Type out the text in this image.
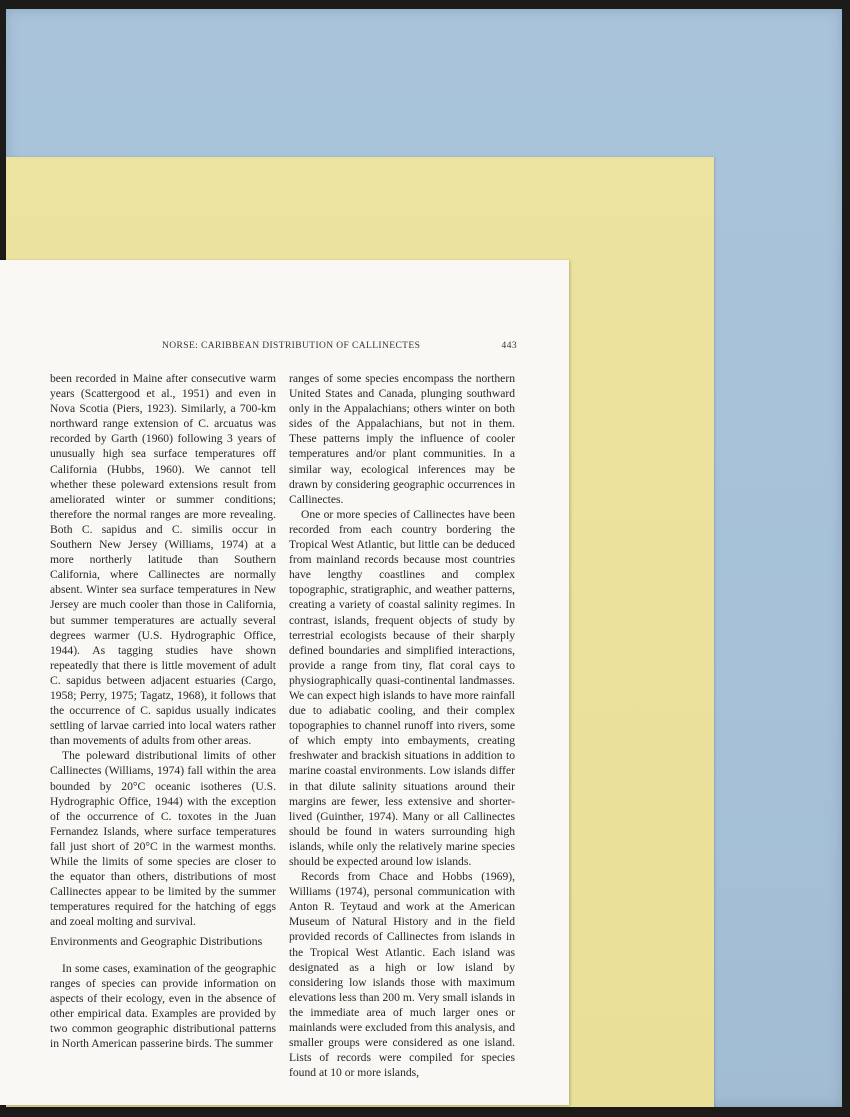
NORSE: CARIBBEAN DISTRIBUTION OF CALLINECTES	443

been recorded in Maine after consecutive warm years (Scattergood et al., 1951) and even in Nova Scotia (Piers, 1923). Similarly, a 700-km northward range extension of C. arcuatus was recorded by Garth (1960) following 3 years of unusually high sea surface temperatures off California (Hubbs, 1960). We cannot tell whether these poleward extensions result from ameliorated winter or summer conditions; therefore the normal ranges are more revealing. Both C. sapidus and C. similis occur in Southern New Jersey (Williams, 1974) at a more northerly latitude than Southern California, where Callinectes are normally absent. Winter sea surface temperatures in New Jersey are much cooler than those in California, but summer temperatures are actually several degrees warmer (U.S. Hydrographic Office, 1944). As tagging studies have shown repeatedly that there is little movement of adult C. sapidus between adjacent estuaries (Cargo, 1958; Perry, 1975; Tagatz, 1968), it follows that the occurrence of C. sapidus usually indicates settling of larvae carried into local waters rather than movements of adults from other areas.

The poleward distributional limits of other Callinectes (Williams, 1974) fall within the area bounded by 20°C oceanic isotheres (U.S. Hydrographic Office, 1944) with the exception of the occurrence of C. toxotes in the Juan Fernandez Islands, where surface temperatures fall just short of 20°C in the warmest months. While the limits of some species are closer to the equator than others, distributions of most Callinectes appear to be limited by the summer temperatures required for the hatching of eggs and zoeal molting and survival.

Environments and Geographic Distributions

In some cases, examination of the geographic ranges of species can provide information on aspects of their ecology, even in the absence of other empirical data. Examples are provided by two common geographic distributional patterns in North American passerine birds. The summer

ranges of some species encompass the northern United States and Canada, plunging southward only in the Appalachians; others winter on both sides of the Appalachians, but not in them. These patterns imply the influence of cooler temperatures and/or plant communities. In a similar way, ecological inferences may be drawn by considering geographic occurrences in Callinectes.

One or more species of Callinectes have been recorded from each country bordering the Tropical West Atlantic, but little can be deduced from mainland records because most countries have lengthy coastlines and complex topographic, stratigraphic, and weather patterns, creating a variety of coastal salinity regimes. In contrast, islands, frequent objects of study by terrestrial ecologists because of their sharply defined boundaries and simplified interactions, provide a range from tiny, flat coral cays to physiographically quasi-continental landmasses. We can expect high islands to have more rainfall due to adiabatic cooling, and their complex topographies to channel runoff into rivers, some of which empty into embayments, creating freshwater and brackish situations in addition to marine coastal environments. Low islands differ in that dilute salinity situations around their margins are fewer, less extensive and shorter-lived (Guinther, 1974). Many or all Callinectes should be found in waters surrounding high islands, while only the relatively marine species should be expected around low islands.

Records from Chace and Hobbs (1969), Williams (1974), personal communication with Anton R. Teytaud and work at the American Museum of Natural History and in the field provided records of Callinectes from islands in the Tropical West Atlantic. Each island was designated as a high or low island by considering low islands those with maximum elevations less than 200 m. Very small islands in the immediate area of much larger ones or mainlands were excluded from this analysis, and smaller groups were considered as one island. Lists of records were compiled for species found at 10 or more islands,
